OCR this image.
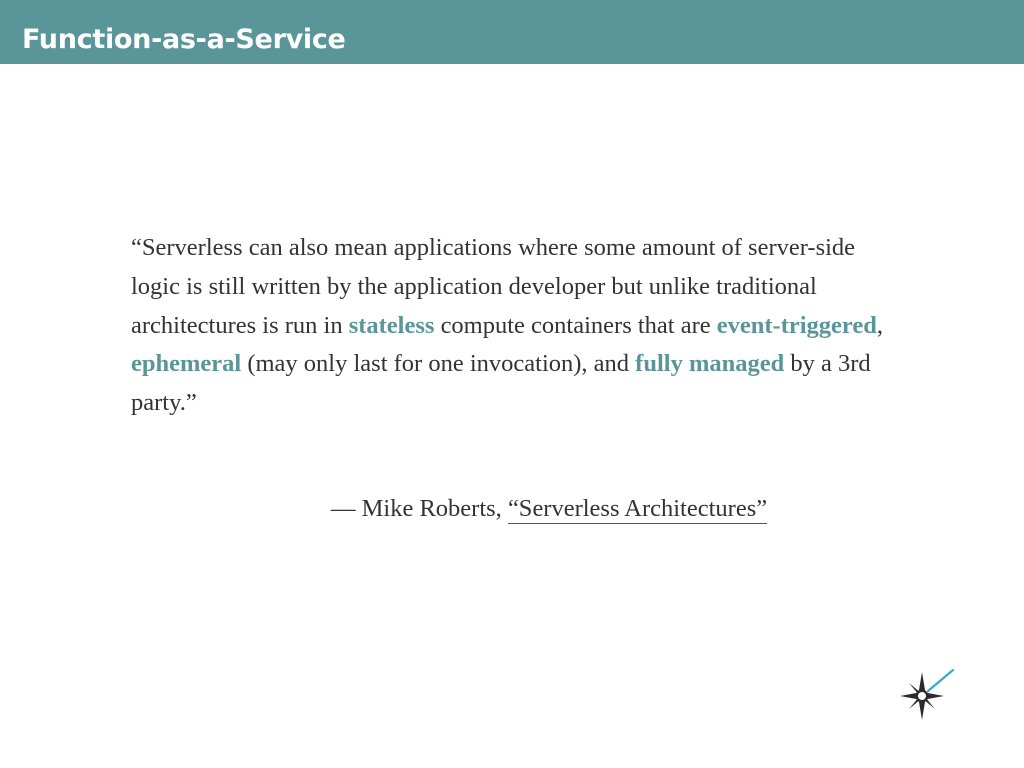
Function-as-a-Service

“Serverless can also mean applications where some amount of server-side logic is still written by the application developer but unlike traditional architectures is run in stateless compute containers that are event-triggered, ephemeral (may only last for one invocation), and fully managed by a 3rd party.”

— Mike Roberts, “Serverless Architectures”
